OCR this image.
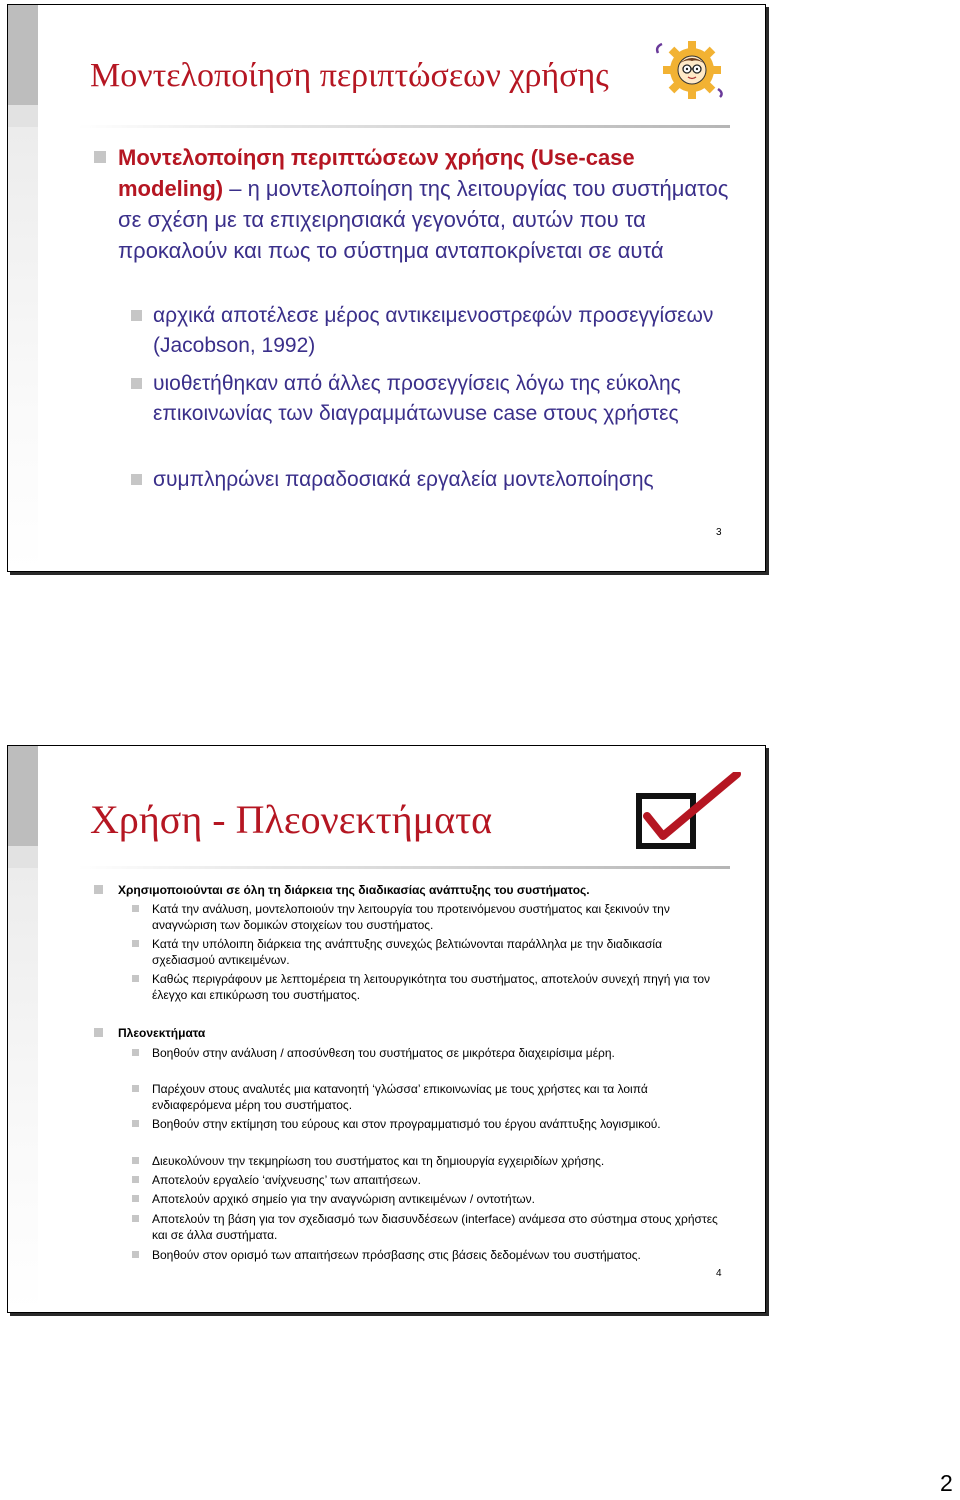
Μοντελοποίηση περιπτώσεων χρήσης
Μοντελοποίηση περιπτώσεων χρήσης (Use-case modeling) – η μοντελοποίηση της λειτουργίας του συστήματος σε σχέση με τα επιχειρησιακά γεγονότα, αυτών που τα προκαλούν και πως το σύστημα ανταποκρίνεται σε αυτά
αρχικά αποτέλεσε μέρος αντικειμενοστρεφών προσεγγίσεων (Jacobson, 1992)
υιοθετήθηκαν από άλλες προσεγγίσεις λόγω της εύκολης επικοινωνίας των διαγραμμάτωνuse case στους χρήστες
συμπληρώνει παραδοσιακά εργαλεία μοντελοποίησης
3
Χρήση - Πλεονεκτήματα
Χρησιμοποιούνται σε όλη τη διάρκεια της διαδικασίας ανάπτυξης του συστήματος.
Κατά την ανάλυση, μοντελοποιούν την λειτουργία του προτεινόμενου συστήματος και ξεκινούν την αναγνώριση των δομικών στοιχείων του συστήματος.
Κατά την υπόλοιπη διάρκεια της ανάπτυξης συνεχώς βελτιώνονται παράλληλα με την διαδικασία σχεδιασμού αντικειμένων.
Καθώς περιγράφουν με λεπτομέρεια τη λειτουργικότητα του συστήματος, αποτελούν συνεχή πηγή για τον έλεγχο και επικύρωση του συστήματος.
Πλεονεκτήματα
Βοηθούν στην ανάλυση / αποσύνθεση του συστήματος σε μικρότερα διαχειρίσιμα μέρη.
Παρέχουν στους αναλυτές μια κατανοητή ‘γλώσσα’ επικοινωνίας με τους χρήστες και τα λοιπά ενδιαφερόμενα μέρη του συστήματος.
Βοηθούν στην εκτίμηση του εύρους και στον προγραμματισμό του έργου ανάπτυξης λογισμικού.
Διευκολύνουν την τεκμηρίωση του συστήματος και τη δημιουργία εγχειριδίων χρήσης.
Αποτελούν εργαλείο ‘ανίχνευσης’ των απαιτήσεων.
Αποτελούν αρχικό σημείο για την αναγνώριση αντικειμένων / οντοτήτων.
Αποτελούν τη βάση για τον σχεδιασμό των διασυνδέσεων (interface) ανάμεσα στο σύστημα στους χρήστες και σε άλλα συστήματα.
Βοηθούν στον ορισμό των απαιτήσεων πρόσβασης στις βάσεις δεδομένων του συστήματος.
4
2
